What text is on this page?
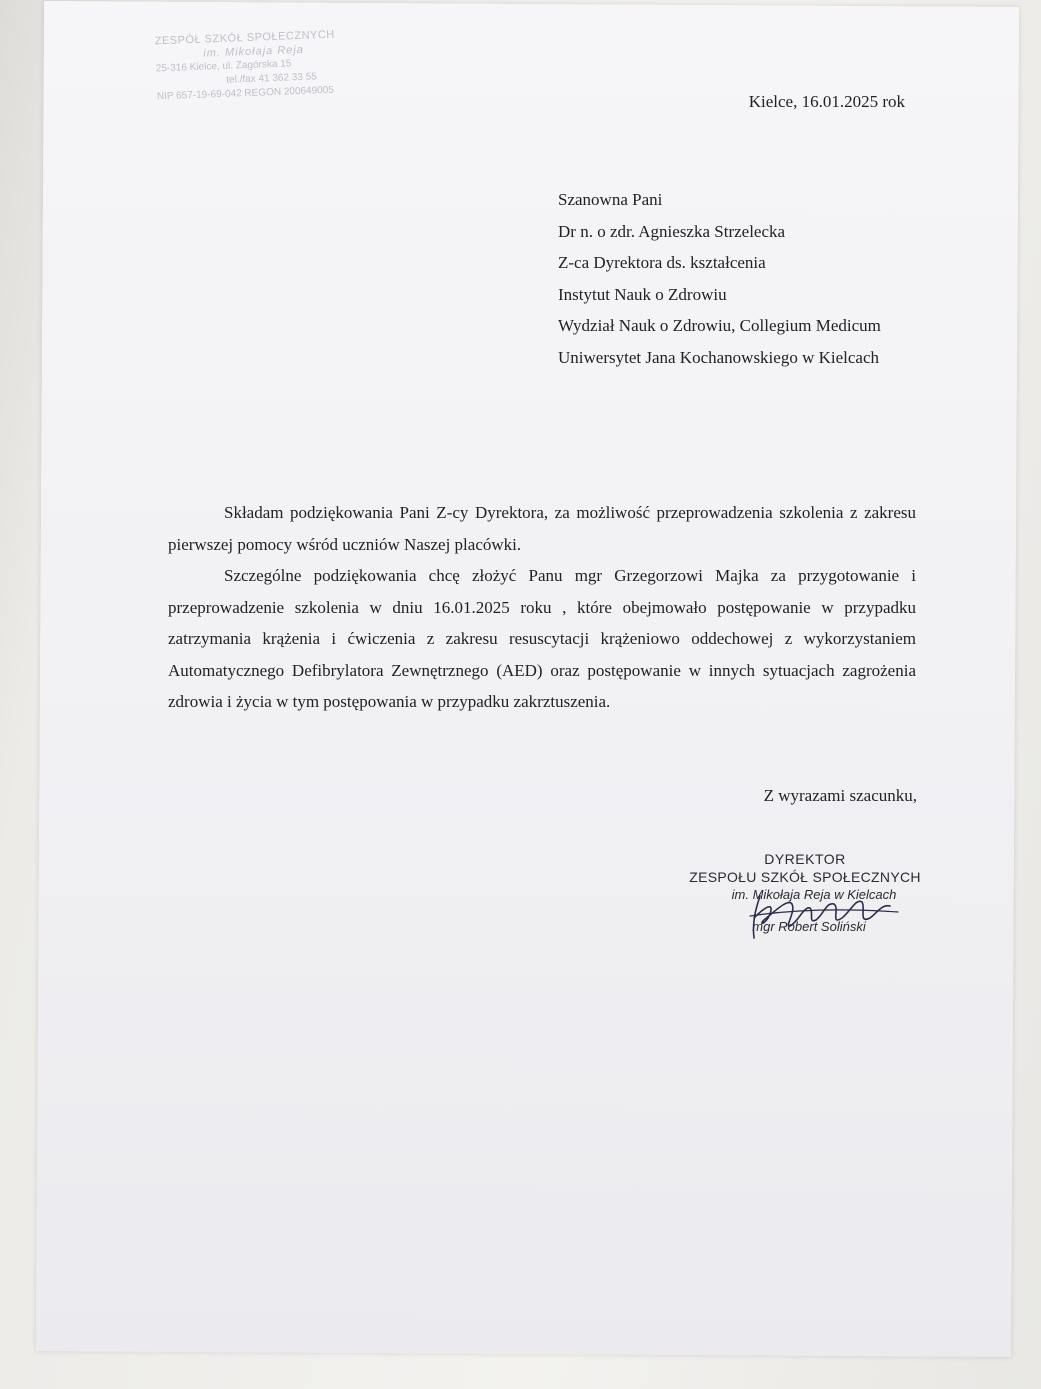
ZESPÓŁ SZKÓŁ SPOŁECZNYCH
im. Mikołaja Reja
25-316 Kielce, ul. Zagórska 15
tel./fax 41 362 33 55
NIP 657-19-69-042 REGON 200649005	Kielce, 16.01.2025 rok
Szanowna Pani
Dr n. o zdr. Agnieszka Strzelecka
Z-ca Dyrektora ds. kształcenia
Instytut Nauk o Zdrowiu
Wydział Nauk o Zdrowiu, Collegium Medicum
Uniwersytet Jana Kochanowskiego w Kielcach

Składam podziękowania Pani Z-cy Dyrektora, za możliwość przeprowadzenia szkolenia z zakresu pierwszej pomocy wśród uczniów Naszej placówki.

Szczególne podziękowania chcę złożyć Panu mgr Grzegorzowi Majka za przygotowanie i przeprowadzenie szkolenia w dniu 16.01.2025 roku , które obejmowało postępowanie w przypadku zatrzymania krążenia i ćwiczenia z zakresu resuscytacji krążeniowo oddechowej z wykorzystaniem Automatycznego Defibrylatora Zewnętrznego (AED) oraz postępowanie w innych sytuacjach zagrożenia zdrowia i życia w tym postępowania w przypadku zakrztuszenia.

Z wyrazami szacunku,
DYREKTOR
ZESPOŁU SZKÓŁ SPOŁECZNYCH
im. Mikołaja Reja w Kielcach
mgr Robert Soliński
